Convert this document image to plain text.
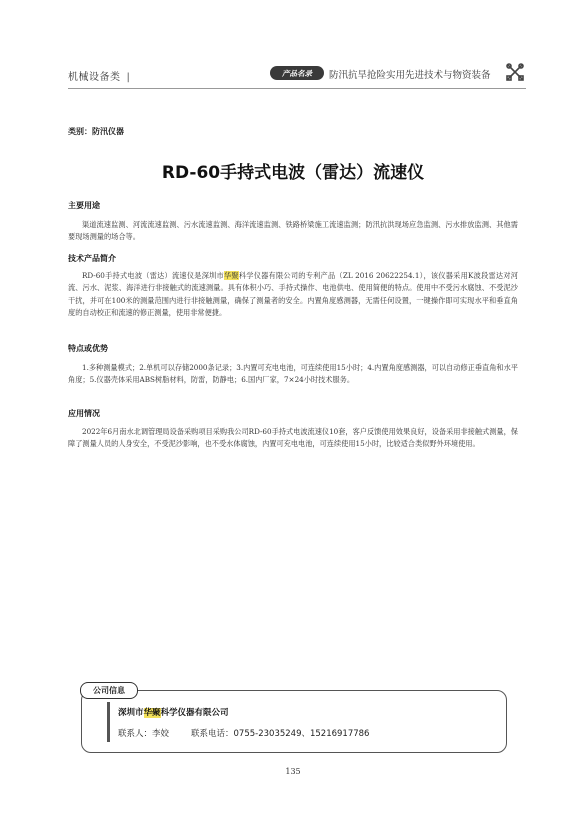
机械设备类 |	产品名录	防汛抗旱抢险实用先进技术与物资装备
类别：防汛仪器
RD-60手持式电波（雷达）流速仪
主要用途

渠道流速监测、河流流速监测、污水流速监测、海洋流速监测、铁路桥梁施工流速监测；防汛抗洪现场应急监测、污水排放监测、其他需要现场测量的场合等。

技术产品简介

RD-60手持式电波（雷达）流速仪是深圳市华聚科学仪器有限公司的专利产品（ZL 2016 20622254.1），该仪器采用K波段雷达对河流、污水、泥浆、海洋进行非接触式的流速测量。具有体积小巧、手持式操作、电池供电、使用简便的特点。使用中不受污水腐蚀、不受泥沙干扰，并可在100米的测量范围内进行非接触测量，确保了测量者的安全。内置角度感测器，无需任何设置，一键操作即可实现水平和垂直角度的自动校正和流速的修正测量，使用非常便捷。

特点或优势

1.多种测量模式；2.单机可以存储2000条记录；3.内置可充电电池，可连续使用15小时；4.内置角度感测器，可以自动修正垂直角和水平角度；5.仪器壳体采用ABS树脂材料，防雷，防静电；6.国内厂家，7×24小时技术服务。

应用情况

2022年6月南水北调管理局设备采购项目采购我公司RD-60手持式电波流速仪10套，客户反馈使用效果良好，设备采用非接触式测量，保障了测量人员的人身安全，不受泥沙影响，也不受水体腐蚀，内置可充电电池，可连续使用15小时，比较适合类似野外环境使用。

公司信息
深圳市华聚科学仪器有限公司
联系人：李姣	联系电话：0755-23035249、15216917786
135
